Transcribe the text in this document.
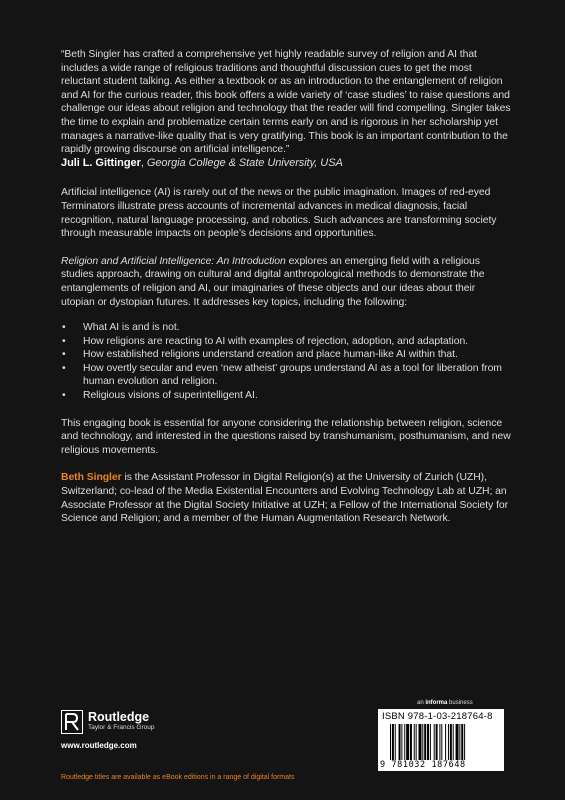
“Beth Singler has crafted a comprehensive yet highly readable survey of religion and AI that includes a wide range of religious traditions and thoughtful discussion cues to get the most reluctant student talking. As either a textbook or as an introduction to the entanglement of religion and AI for the curious reader, this book offers a wide variety of ‘case studies’ to raise questions and challenge our ideas about religion and technology that the reader will find compelling. Singler takes the time to explain and problematize certain terms early on and is rigorous in her scholarship yet manages a narrative-like quality that is very gratifying. This book is an important contribution to the rapidly growing discourse on artificial intelligence.”

Juli L. Gittinger, Georgia College & State University, USA

Artificial intelligence (AI) is rarely out of the news or the public imagination. Images of red-eyed Terminators illustrate press accounts of incremental advances in medical diagnosis, facial recognition, natural language processing, and robotics. Such advances are transforming society through measurable impacts on people’s decisions and opportunities.

Religion and Artificial Intelligence: An Introduction explores an emerging field with a religious studies approach, drawing on cultural and digital anthropological methods to demonstrate the entanglements of religion and AI, our imaginaries of these objects and our ideas about their utopian or dystopian futures. It addresses key topics, including the following:

• What AI is and is not.
• How religions are reacting to AI with examples of rejection, adoption, and adaptation.
• How established religions understand creation and place human-like AI within that.
• How overtly secular and even ‘new atheist’ groups understand AI as a tool for liberation from human evolution and religion.
• Religious visions of superintelligent AI.

This engaging book is essential for anyone considering the relationship between religion, science and technology, and interested in the questions raised by transhumanism, posthumanism, and new religious movements.

Beth Singler is the Assistant Professor in Digital Religion(s) at the University of Zurich (UZH), Switzerland; co-lead of the Media Existential Encounters and Evolving Technology Lab at UZH; an Associate Professor at the Digital Society Initiative at UZH; a Fellow of the International Society for Science and Religion; and a member of the Human Augmentation Research Network.

Routledge
Taylor & Francis Group
www.routledge.com
Routledge titles are available as eBook editions in a range of digital formats
an informa business
ISBN 978-1-03-218764-8
9 781032 187648
